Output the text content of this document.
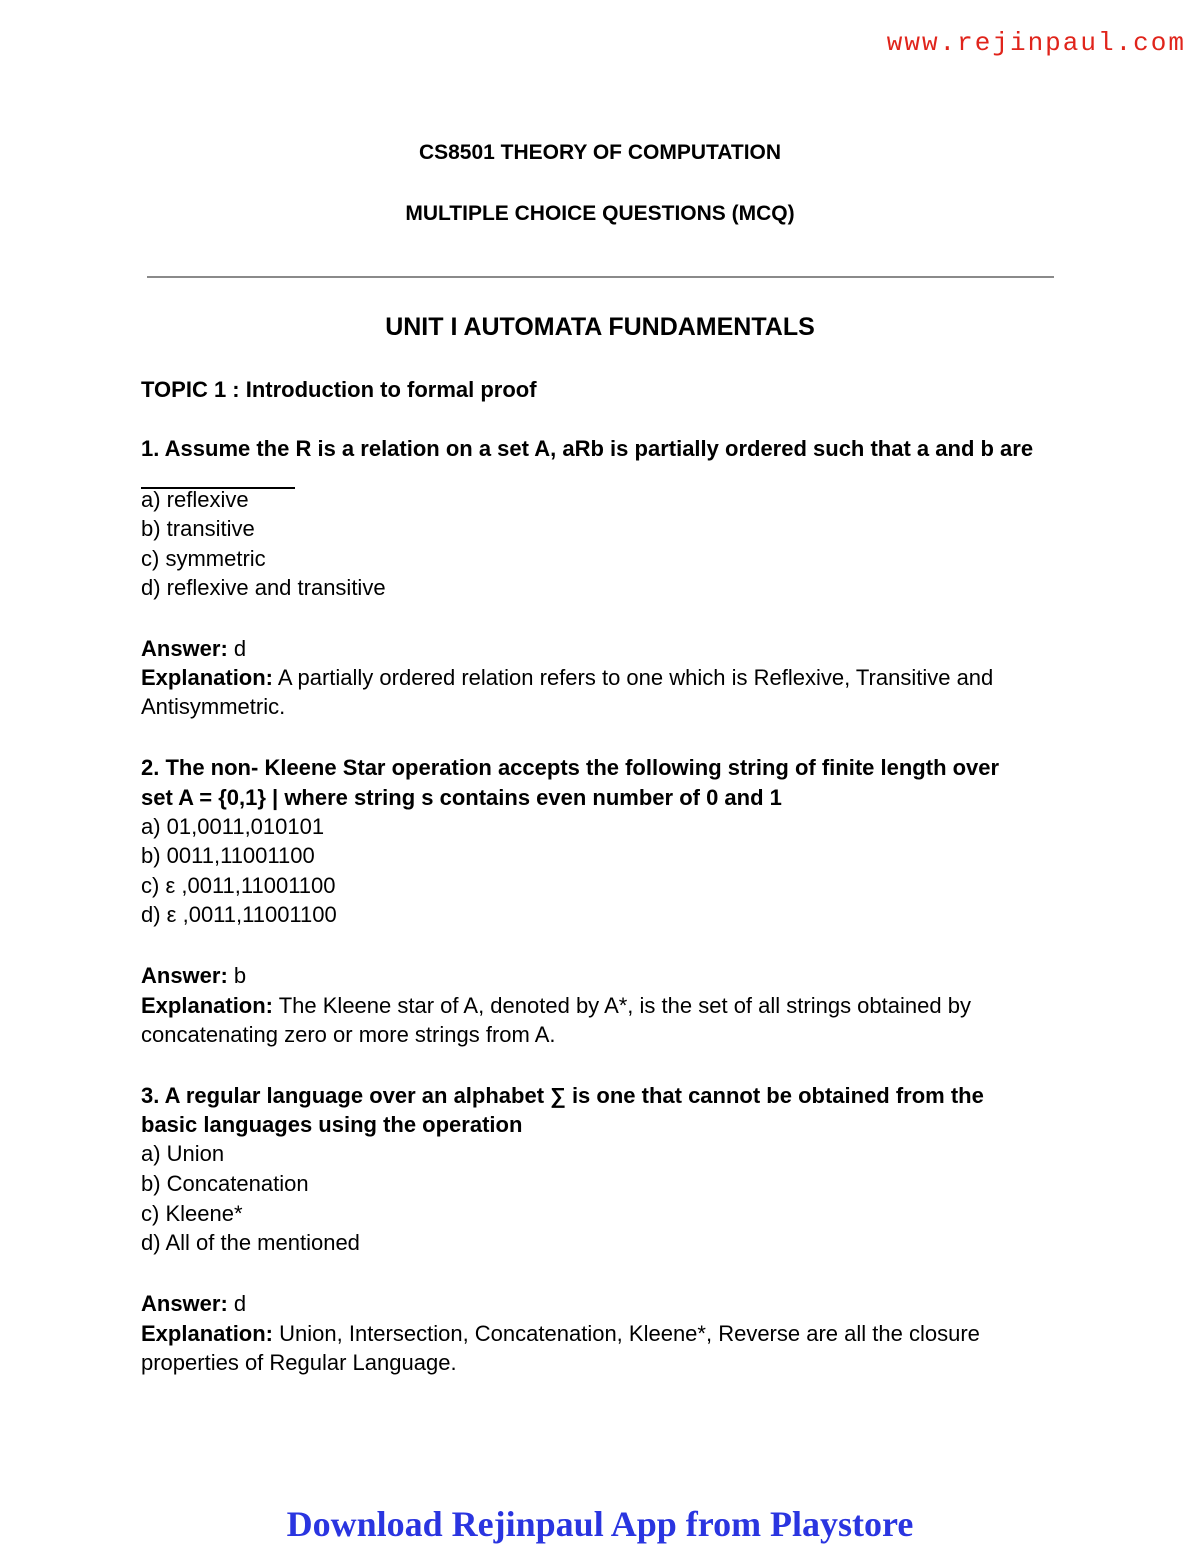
www.rejinpaul.com
CS8501 THEORY OF COMPUTATION
MULTIPLE CHOICE QUESTIONS (MCQ)
UNIT I AUTOMATA FUNDAMENTALS
TOPIC 1 : Introduction to formal proof
1. Assume the R is a relation on a set A, aRb is partially ordered such that a and b are
a) reflexive
b) transitive
c) symmetric
d) reflexive and transitive
Answer: d
Explanation: A partially ordered relation refers to one which is Reflexive, Transitive and
Antisymmetric.
2. The non- Kleene Star operation accepts the following string of finite length over
set A = {0,1} | where string s contains even number of 0 and 1
a) 01,0011,010101
b) 0011,11001100
c) ε ,0011,11001100
d) ε ,0011,11001100
Answer: b
Explanation: The Kleene star of A, denoted by A*, is the set of all strings obtained by
concatenating zero or more strings from A.
3. A regular language over an alphabet ∑ is one that cannot be obtained from the
basic languages using the operation
a) Union
b) Concatenation
c) Kleene*
d) All of the mentioned
Answer: d
Explanation: Union, Intersection, Concatenation, Kleene*, Reverse are all the closure
properties of Regular Language.
Download Rejinpaul App from Playstore
